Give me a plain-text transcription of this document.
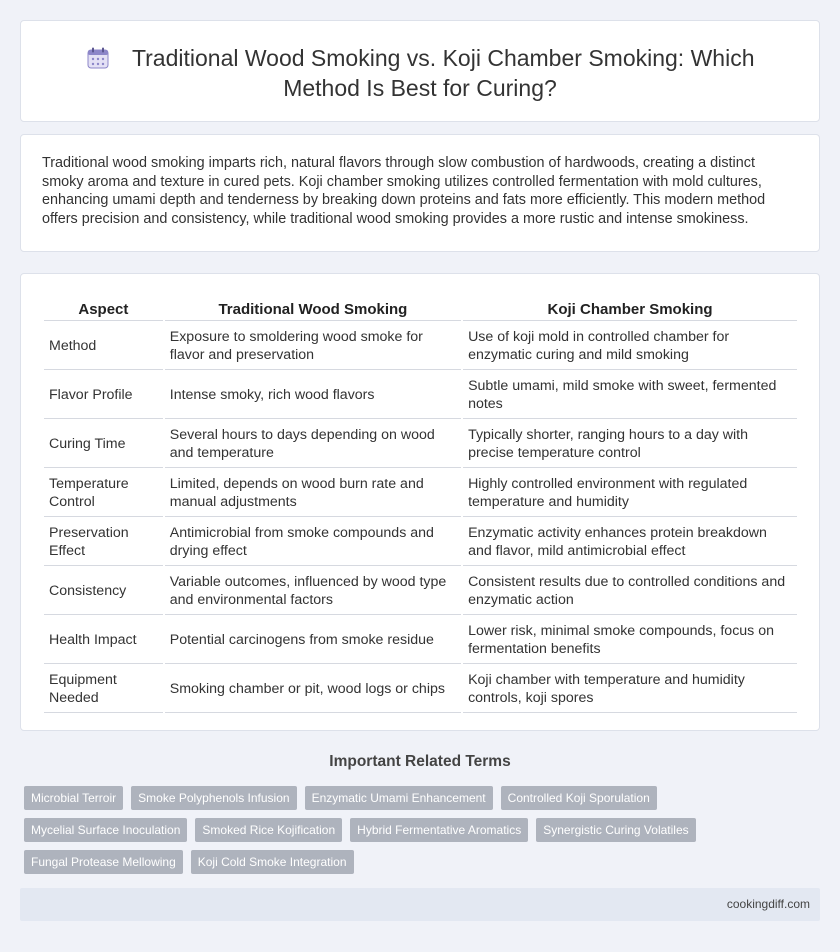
Traditional Wood Smoking vs. Koji Chamber Smoking: Which Method Is Best for Curing?

Traditional wood smoking imparts rich, natural flavors through slow combustion of hardwoods, creating a distinct smoky aroma and texture in cured pets. Koji chamber smoking utilizes controlled fermentation with mold cultures, enhancing umami depth and tenderness by breaking down proteins and fats more efficiently. This modern method offers precision and consistency, while traditional wood smoking provides a more rustic and intense smokiness.

Aspect	Traditional Wood Smoking	Koji Chamber Smoking
Method	Exposure to smoldering wood smoke for flavor and preservation	Use of koji mold in controlled chamber for enzymatic curing and mild smoking
Flavor Profile	Intense smoky, rich wood flavors	Subtle umami, mild smoke with sweet, fermented notes
Curing Time	Several hours to days depending on wood and temperature	Typically shorter, ranging hours to a day with precise temperature control
Temperature Control	Limited, depends on wood burn rate and manual adjustments	Highly controlled environment with regulated temperature and humidity
Preservation Effect	Antimicrobial from smoke compounds and drying effect	Enzymatic activity enhances protein breakdown and flavor, mild antimicrobial effect
Consistency	Variable outcomes, influenced by wood type and environmental factors	Consistent results due to controlled conditions and enzymatic action
Health Impact	Potential carcinogens from smoke residue	Lower risk, minimal smoke compounds, focus on fermentation benefits
Equipment Needed	Smoking chamber or pit, wood logs or chips	Koji chamber with temperature and humidity controls, koji spores
Important Related Terms
Microbial Terroir	Smoke Polyphenols Infusion	Enzymatic Umami Enhancement	Controlled Koji Sporulation
Mycelial Surface Inoculation	Smoked Rice Kojification	Hybrid Fermentative Aromatics	Synergistic Curing Volatiles
Fungal Protease Mellowing	Koji Cold Smoke Integration
cookingdiff.com
